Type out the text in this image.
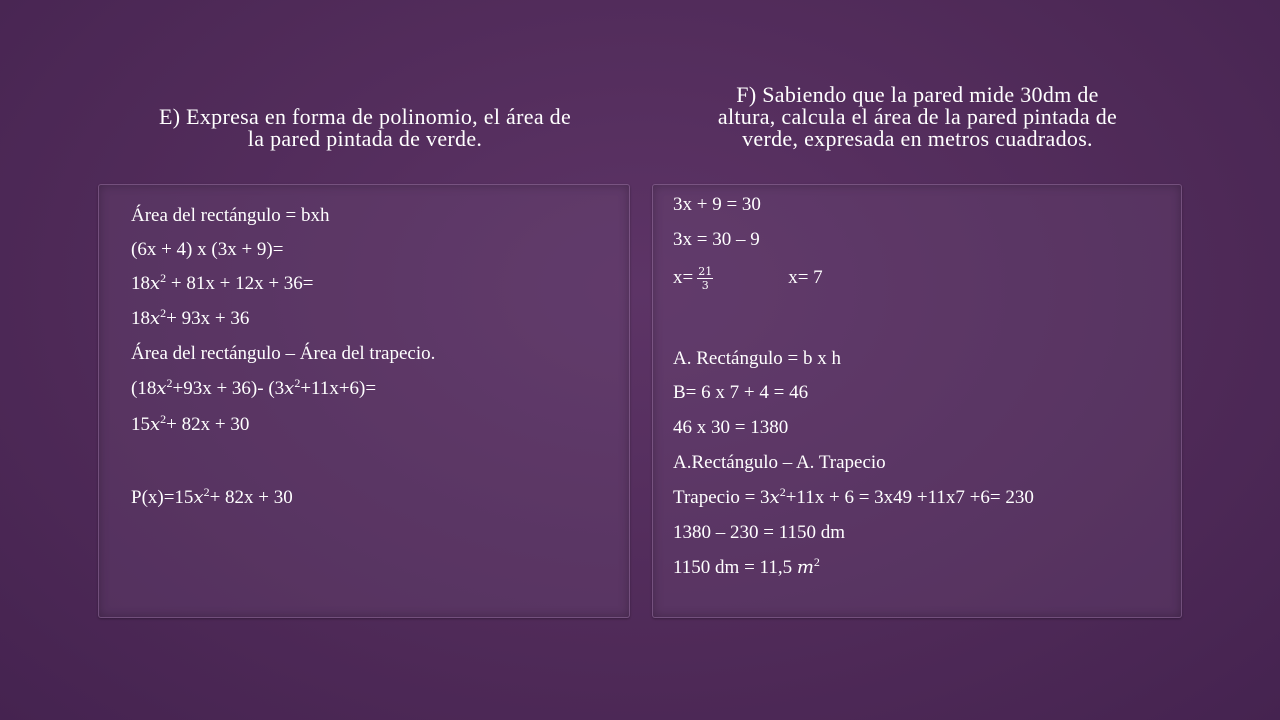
E) Expresa en forma de polinomio, el área de
la pared pintada de verde.
F) Sabiendo que la pared mide 30dm de
altura, calcula el área de la pared pintada de
verde, expresada en metros cuadrados.
Área del rectángulo = bxh
(6x + 4) x (3x + 9)=
$18x^2 + 81x + 12x + 36=$
$18x^2+ 93x + 36$
Área del rectángulo – Área del trapecio.
$(18x^2+93x + 36)-$ $(3x^2+11x+6)=$
$15x^2+ 82x + 30$
$P(x)=15x^2+ 82x + 30$
3x + 9 = 30
3x = 30 – 9
$x= \frac{21}{3}$	x= 7
A. Rectángulo = b x h
B= 6 x 7 + 4 = 46
46 x 30 = 1380
A.Rectángulo – A. Trapecio
Trapecio = $3x^2+11x + 6 = 3x49 +11x7 +6= 230$
1380 – 230 = 1150 dm
1150 dm = 11,5 $m^2$
